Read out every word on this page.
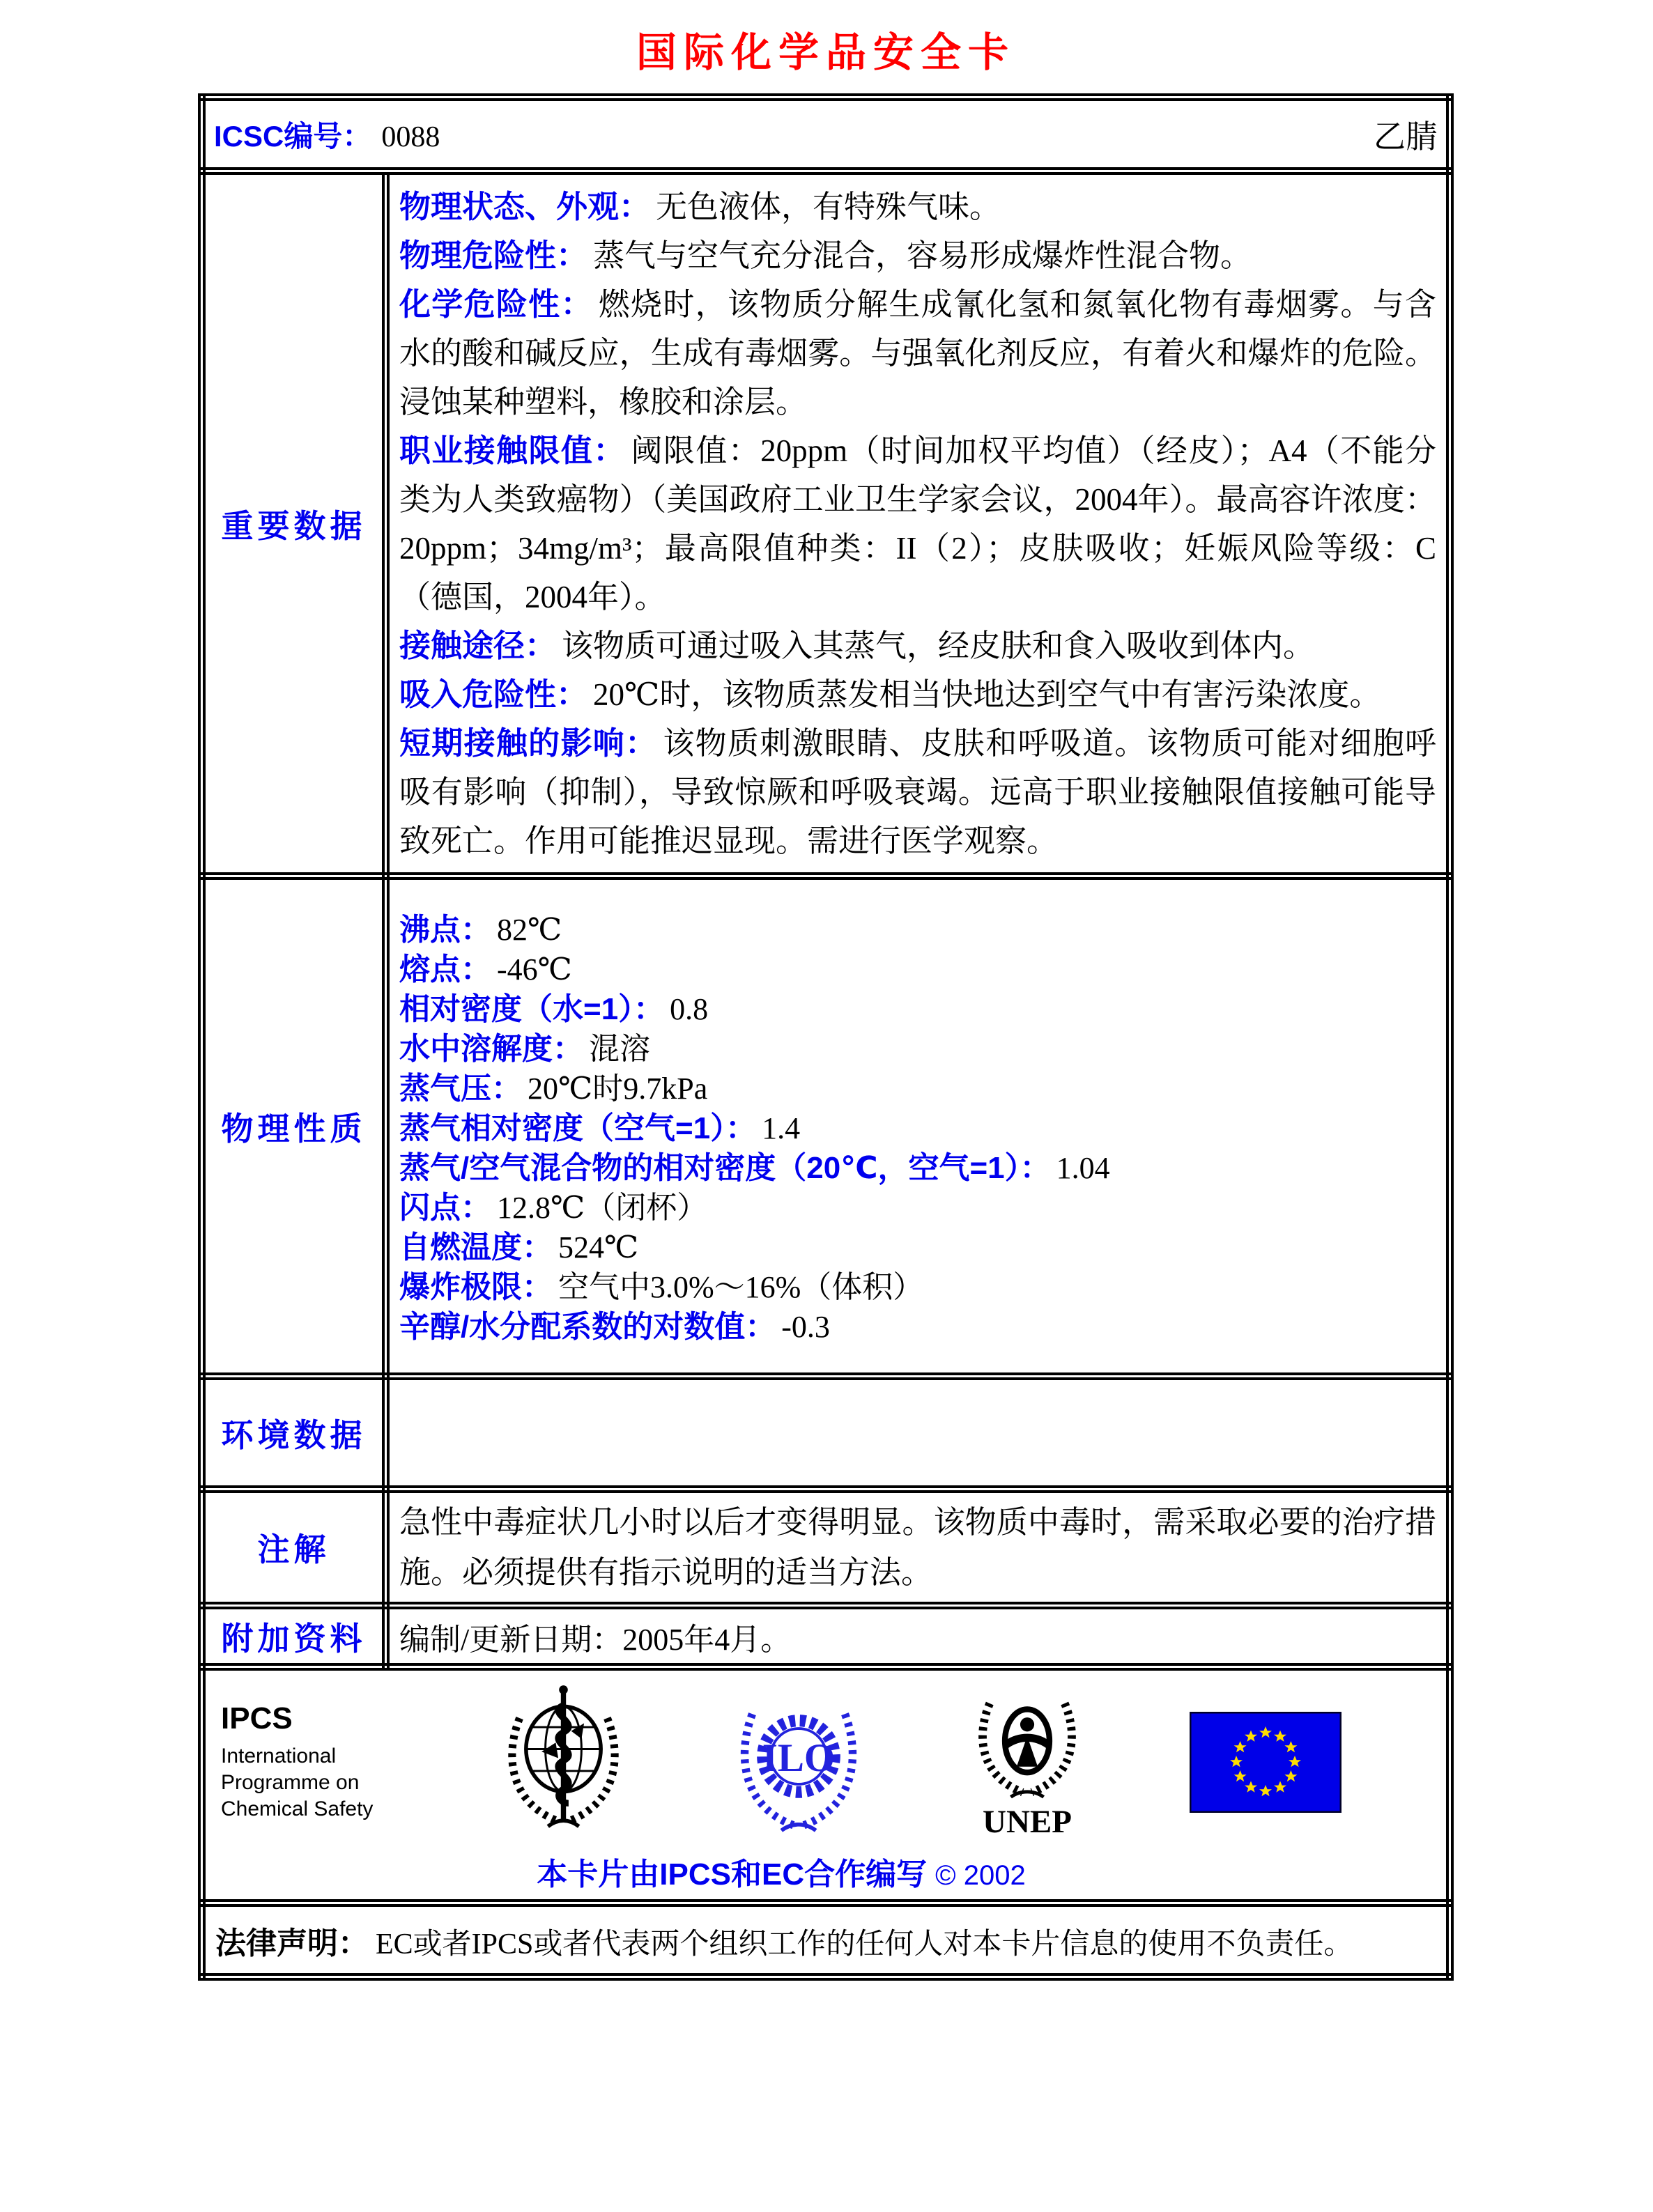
国际化学品安全卡
ICSC编号： 0088 乙腈	

重要数据	
物理状态、外观： 无色液体，有特殊气味。
物理危险性： 蒸气与空气充分混合，容易形成爆炸性混合物。
化学危险性： 燃烧时，该物质分解生成氰化氢和氮氧化物有毒烟雾。与含水的酸和碱反应，生成有毒烟雾。与强氧化剂反应，有着火和爆炸的危险。浸蚀某种塑料，橡胶和涂层。
职业接触限值： 阈限值：20ppm（时间加权平均值）（经皮）；A4（不能分类为人类致癌物）（美国政府工业卫生学家会议，2004年）。最高容许浓度：20ppm；34mg/m³；最高限值种类：II（2）；皮肤吸收；妊娠风险等级：C（德国，2004年）。
接触途径： 该物质可通过吸入其蒸气，经皮肤和食入吸收到体内。
吸入危险性： 20℃时，该物质蒸发相当快地达到空气中有害污染浓度。
短期接触的影响： 该物质刺激眼睛、皮肤和呼吸道。该物质可能对细胞呼吸有影响（抑制），导致惊厥和呼吸衰竭。远高于职业接触限值接触可能导致死亡。作用可能推迟显现。需进行医学观察。

物理性质	
沸点： 82℃
熔点： -46℃
相对密度（水=1）： 0.8
水中溶解度： 混溶
蒸气压： 20℃时9.7kPa
蒸气相对密度（空气=1）： 1.4
蒸气/空气混合物的相对密度（20℃，空气=1）： 1.04
闪点： 12.8℃（闭杯）
自燃温度： 524℃
爆炸极限： 空气中3.0%～16%（体积）
辛醇/水分配系数的对数值： -0.3

环境数据	
注解	急性中毒症状几小时以后才变得明显。该物质中毒时，需采取必要的治疗措施。必须提供有指示说明的适当方法。
附加资料	编制/更新日期：2005年4月。

IPCS
International
Programme on
Chemical Safety
ILO
UNEP
本卡片由IPCS和EC合作编写 © 2002

法律声明： EC或者IPCS或者代表两个组织工作的任何人对本卡片信息的使用不负责任。	
